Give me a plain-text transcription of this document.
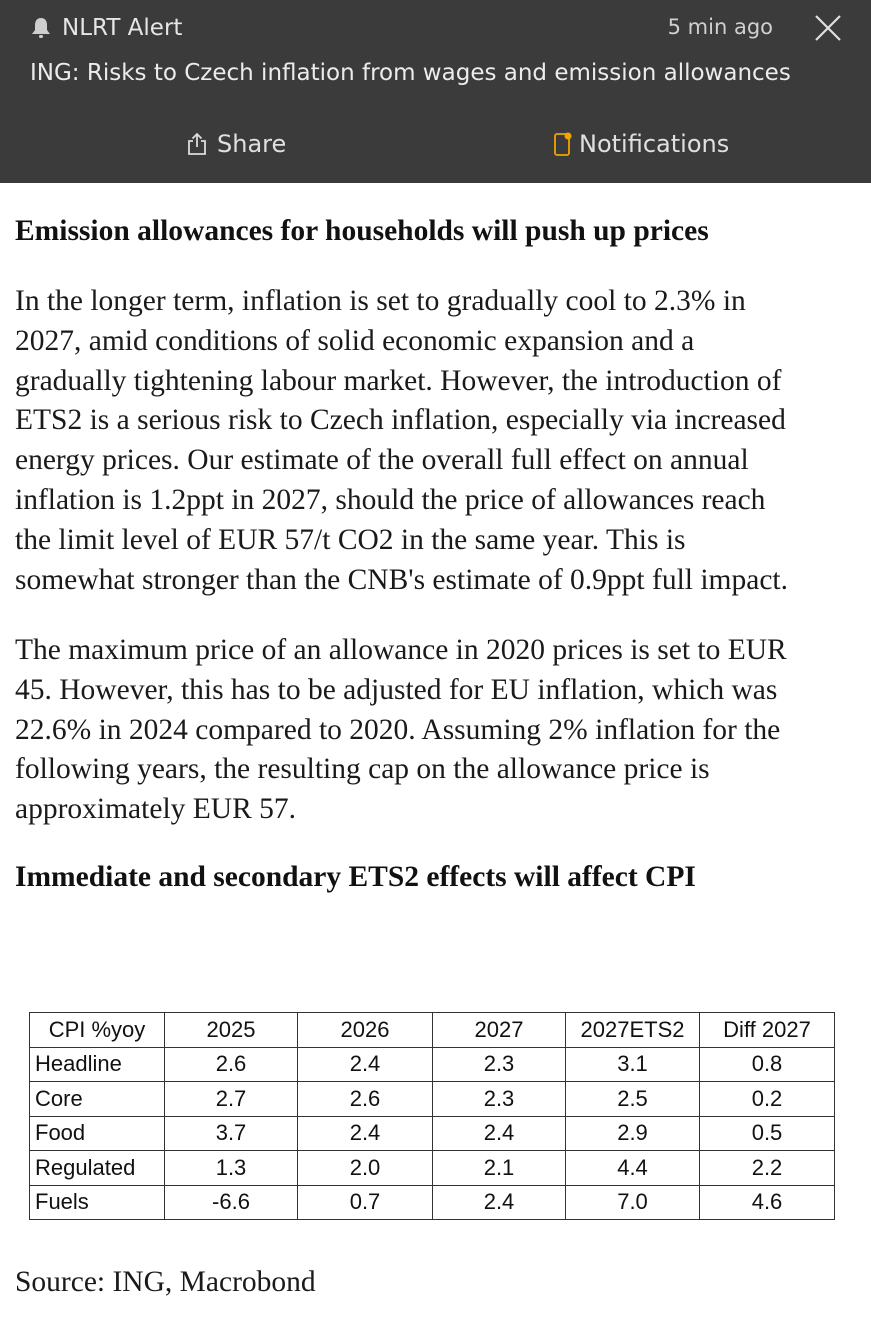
NLRT Alert	5 min ago
ING: Risks to Czech inflation from wages and emission allowances
Share	Notifications
Emission allowances for households will push up prices
In the longer term, inflation is set to gradually cool to 2.3% in
2027, amid conditions of solid economic expansion and a
gradually tightening labour market. However, the introduction of
ETS2 is a serious risk to Czech inflation, especially via increased
energy prices. Our estimate of the overall full effect on annual
inflation is 1.2ppt in 2027, should the price of allowances reach
the limit level of EUR 57/t CO2 in the same year. This is
somewhat stronger than the CNB's estimate of 0.9ppt full impact.
The maximum price of an allowance in 2020 prices is set to EUR
45. However, this has to be adjusted for EU inflation, which was
22.6% in 2024 compared to 2020. Assuming 2% inflation for the
following years, the resulting cap on the allowance price is
approximately EUR 57.
Immediate and secondary ETS2 effects will affect CPI
Source: ING, Macrobond
CPI %yoy	2025	2026	2027	2027ETS2	Diff 2027
Headline	2.6	2.4	2.3	3.1	0.8
Core	2.7	2.6	2.3	2.5	0.2
Food	3.7	2.4	2.4	2.9	0.5
Regulated	1.3	2.0	2.1	4.4	2.2
Fuels	-6.6	0.7	2.4	7.0	4.6
